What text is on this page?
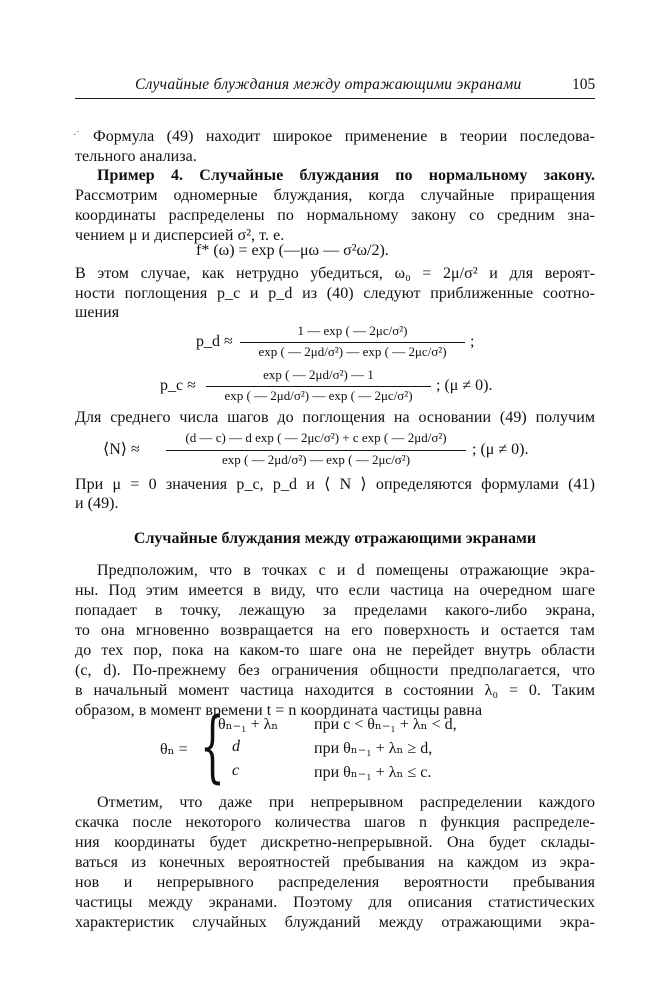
Случайные блуждания между отражающими экранами	105
·˙ Формула (49) находит широкое применение в теории последова-
тельного анализа.
Пример 4. Случайные блуждания по нормальному закону.
Рассмотрим одномерные блуждания, когда случайные приращения
координаты распределены по нормальному закону со средним зна-
чением μ и дисперсией σ², т. е.
f* (ω) = exp (—μω — σ²ω/2).
В этом случае, как нетрудно убедиться, ω₀ = 2μ/σ² и для вероят-
ности поглощения p_c и p_d из (40) следуют приближенные соотно-
шения
p_d ≈
1 — exp ( — 2μc/σ²)
exp ( — 2μd/σ²) — exp ( — 2μc/σ²)
;
p_c ≈
exp ( — 2μd/σ²) — 1
exp ( — 2μd/σ²) — exp ( — 2μc/σ²)
; (μ ≠ 0).
Для среднего числа шагов до поглощения на основании (49) получим
⟨N⟩ ≈
(d — c) — d exp ( — 2μc/σ²) + c exp ( — 2μd/σ²)
exp ( — 2μd/σ²) — exp ( — 2μc/σ²)
; (μ ≠ 0).
При μ = 0 значения p_c, p_d и ⟨ N ⟩ определяются формулами (41)
и (49).
Случайные блуждания между отражающими экранами
Предположим, что в точках c и d помещены отражающие экра-
ны. Под этим имеется в виду, что если частица на очередном шаге
попадает в точку, лежащую за пределами какого-либо экрана,
то она мгновенно возвращается на его поверхность и остается там
до тех пор, пока на каком-то шаге она не перейдет внутрь области
(c, d). По-прежнему без ограничения общности предполагается, что
в начальный момент частица находится в состоянии λ₀ = 0. Таким
образом, в момент времени t = n координата частицы равна
θₙ = {
θₙ₋₁ + λₙ при c < θₙ₋₁ + λₙ < d,
d	при θₙ₋₁ + λₙ ≥ d,
c	при θₙ₋₁ + λₙ ≤ c.
Отметим, что даже при непрерывном распределении каждого
скачка после некоторого количества шагов n функция распределе-
ния координаты будет дискретно-непрерывной. Она будет склады-
ваться из конечных вероятностей пребывания на каждом из экра-
нов и непрерывного распределения вероятности пребывания
частицы между экранами. Поэтому для описания статистических
характеристик случайных блужданий между отражающими экра-
